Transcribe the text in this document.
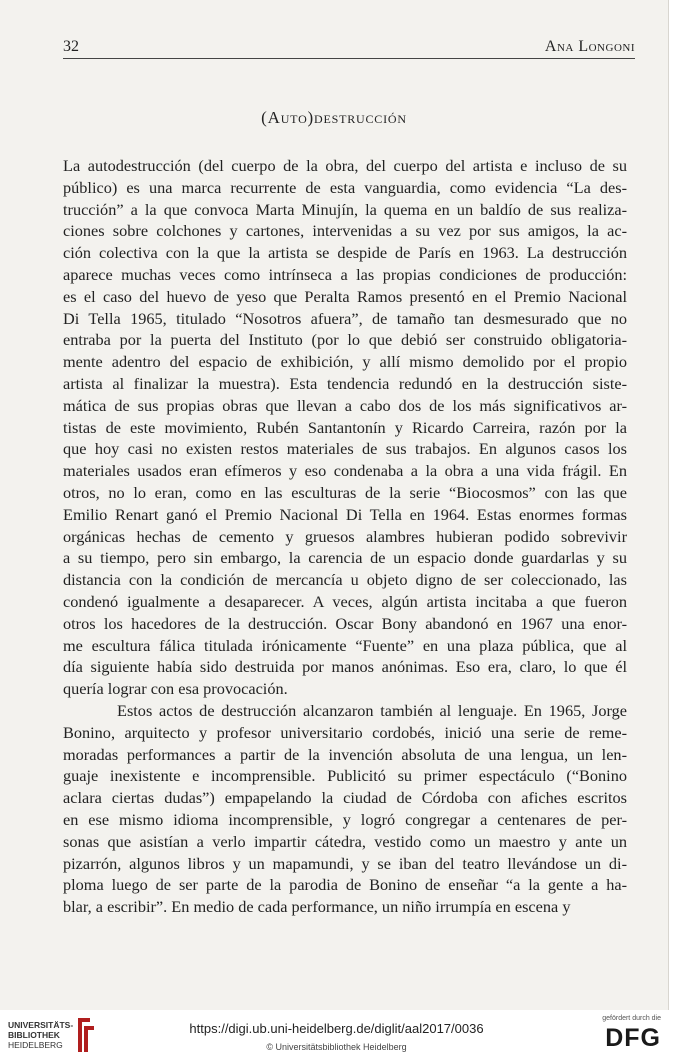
ﾠ
32	Ana Longoni
(Auto)destrucción
La autodestrucción (del cuerpo de la obra, del cuerpo del artista e incluso de su
público) es una marca recurrente de esta vanguardia, como evidencia “La des-
trucción” a la que convoca Marta Minujín, la quema en un baldío de sus realiza-
ciones sobre colchones y cartones, intervenidas a su vez por sus amigos, la ac-
ción colectiva con la que la artista se despide de París en 1963. La destrucción
aparece muchas veces como intrínseca a las propias condiciones de producción:
es el caso del huevo de yeso que Peralta Ramos presentó en el Premio Nacional
Di Tella 1965, titulado “Nosotros afuera”, de tamaño tan desmesurado que no
entraba por la puerta del Instituto (por lo que debió ser construido obligatoria-
mente adentro del espacio de exhibición, y allí mismo demolido por el propio
artista al finalizar la muestra). Esta tendencia redundó en la destrucción siste-
mática de sus propias obras que llevan a cabo dos de los más significativos ar-
tistas de este movimiento, Rubén Santantonín y Ricardo Carreira, razón por la
que hoy casi no existen restos materiales de sus trabajos. En algunos casos los
materiales usados eran efímeros y eso condenaba a la obra a una vida frágil. En
otros, no lo eran, como en las esculturas de la serie “Biocosmos” con las que
Emilio Renart ganó el Premio Nacional Di Tella en 1964. Estas enormes formas
orgánicas hechas de cemento y gruesos alambres hubieran podido sobrevivir
a su tiempo, pero sin embargo, la carencia de un espacio donde guardarlas y su
distancia con la condición de mercancía u objeto digno de ser coleccionado, las
condenó igualmente a desaparecer. A veces, algún artista incitaba a que fueron
otros los hacedores de la destrucción. Oscar Bony abandonó en 1967 una enor-
me escultura fálica titulada irónicamente “Fuente” en una plaza pública, que al
día siguiente había sido destruida por manos anónimas. Eso era, claro, lo que él
quería lograr con esa provocación.
Estos actos de destrucción alcanzaron también al lenguaje. En 1965, Jorge
Bonino, arquitecto y profesor universitario cordobés, inició una serie de reme-
moradas performances a partir de la invención absoluta de una lengua, un len-
guaje inexistente e incomprensible. Publicitó su primer espectáculo (“Bonino
aclara ciertas dudas”) empapelando la ciudad de Córdoba con afiches escritos
en ese mismo idioma incomprensible, y logró congregar a centenares de per-
sonas que asistían a verlo impartir cátedra, vestido como un maestro y ante un
pizarrón, algunos libros y un mapamundi, y se iban del teatro llevándose un di-
ploma luego de ser parte de la parodia de Bonino de enseñar “a la gente a ha-
blar, a escribir”. En medio de cada performance, un niño irrumpía en escena y
UNIVERSITÄTS-
BIBLIOTHEK
HEIDELBERG
https://digi.ub.uni-heidelberg.de/diglit/aal2017/0036
© Universitätsbibliothek Heidelberg
gefördert durch die
DFG
